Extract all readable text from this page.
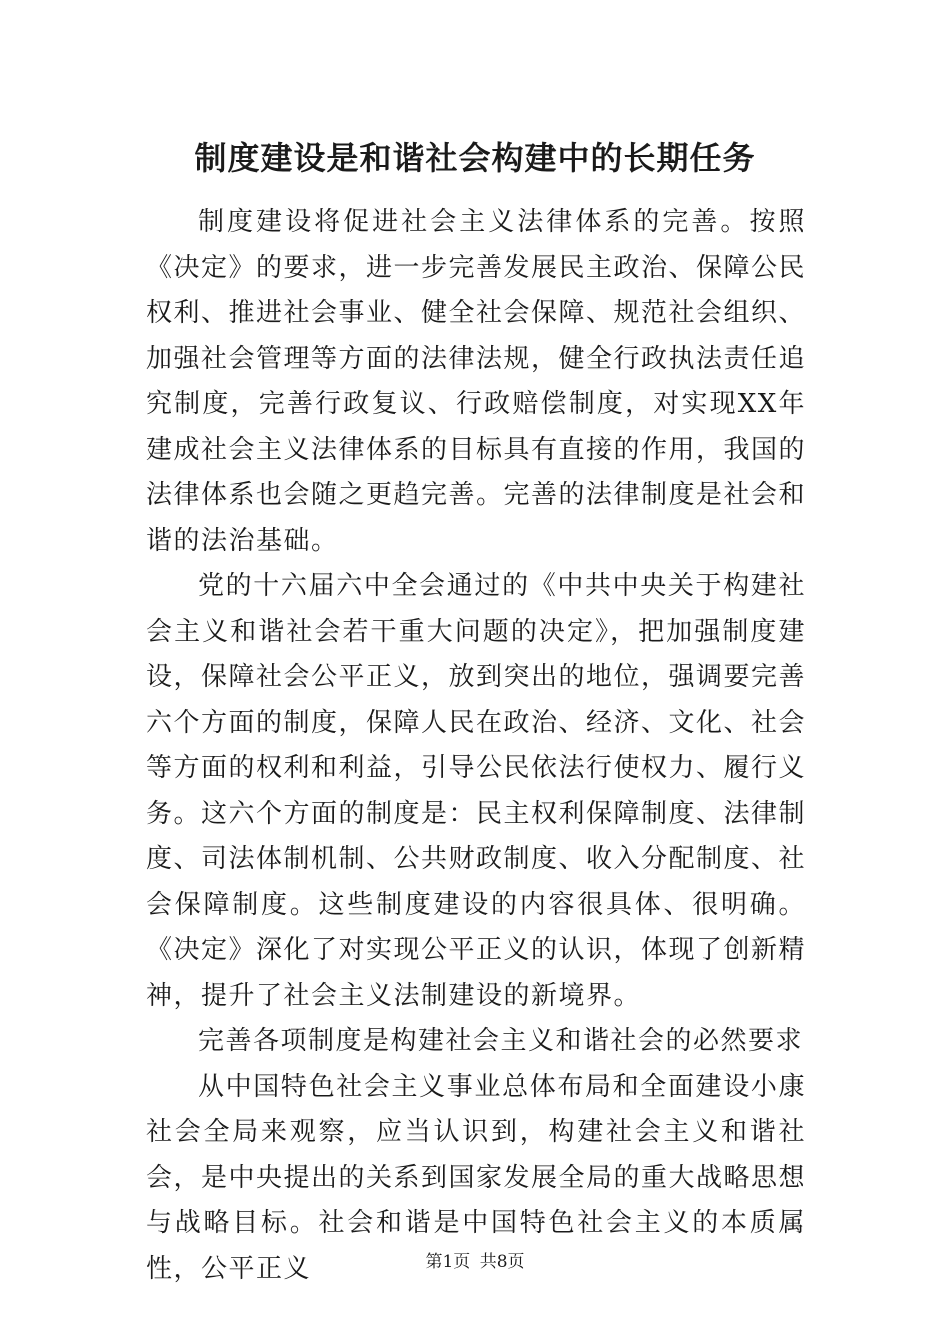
制度建设是和谐社会构建中的长期任务

制度建设将促进社会主义法律体系的完善。按照《决定》的要求，进一步完善发展民主政治、保障公民权利、推进社会事业、健全社会保障、规范社会组织、加强社会管理等方面的法律法规，健全行政执法责任追究制度，完善行政复议、行政赔偿制度，对实现XX年建成社会主义法律体系的目标具有直接的作用，我国的法律体系也会随之更趋完善。完善的法律制度是社会和谐的法治基础。

党的十六届六中全会通过的《中共中央关于构建社会主义和谐社会若干重大问题的决定》，把加强制度建设，保障社会公平正义，放到突出的地位，强调要完善六个方面的制度，保障人民在政治、经济、文化、社会等方面的权利和利益，引导公民依法行使权力、履行义务。这六个方面的制度是：民主权利保障制度、法律制度、司法体制机制、公共财政制度、收入分配制度、社会保障制度。这些制度建设的内容很具体、很明确。《决定》深化了对实现公平正义的认识，体现了创新精神，提升了社会主义法制建设的新境界。

完善各项制度是构建社会主义和谐社会的必然要求

从中国特色社会主义事业总体布局和全面建设小康社会全局来观察，应当认识到，构建社会主义和谐社会，是中央提出的关系到国家发展全局的重大战略思想与战略目标。社会和谐是中国特色社会主义的本质属性，公平正义	第1页 共8页
